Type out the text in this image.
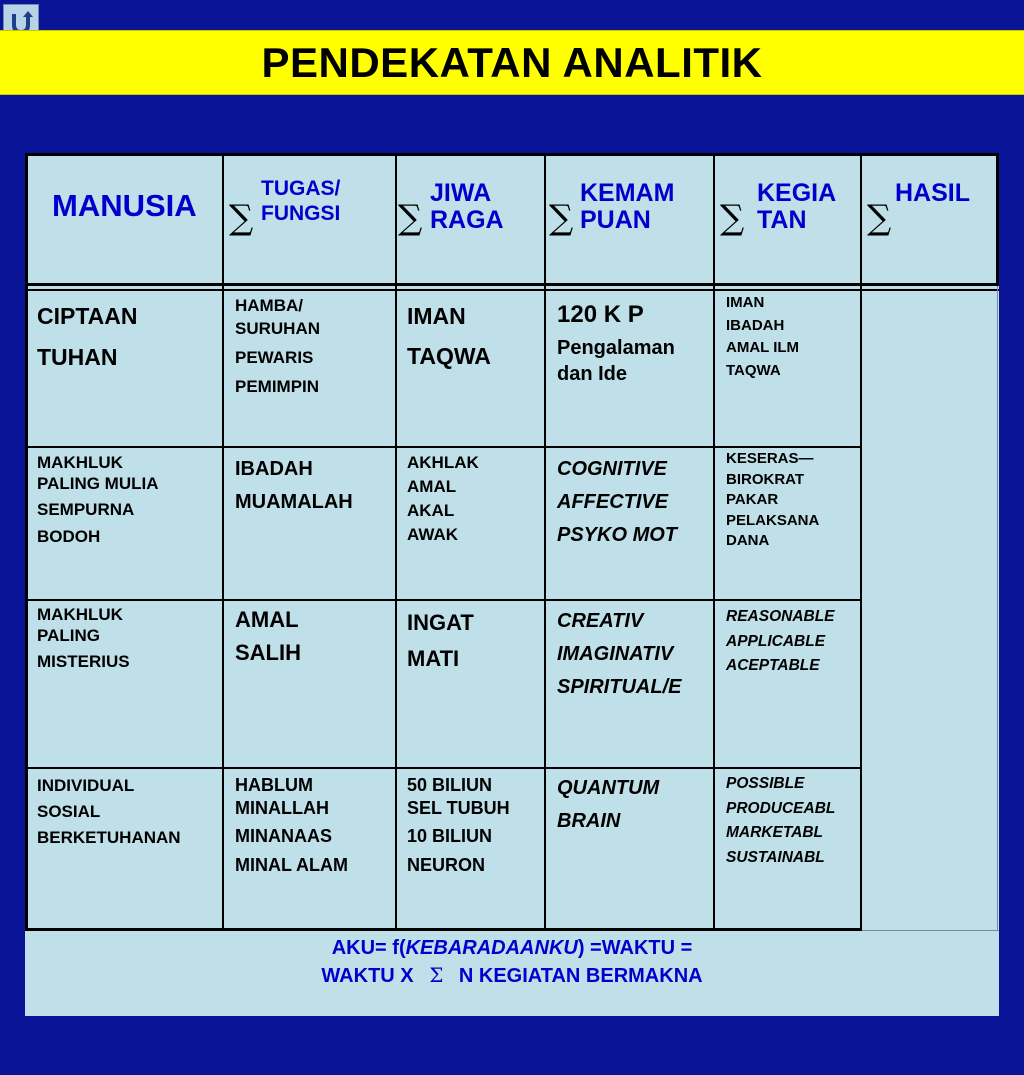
PENDEKATAN ANALITIK
MANUSIA ∑
TUGAS/
FUNGSI ∑
JIWA
RAGA ∑
KEMAM
PUAN	∑
KEGIA
TAN	∑
HASIL
CIPTAAN
TUHAN
HAMBA/
SURUHAN
PEWARIS
PEMIMPIN
IMAN
TAQWA
120 K P
Pengalaman
dan Ide
IMAN
IBADAH
AMAL ILM
TAQWA
MAKHLUK
PALING MULIA
SEMPURNA
BODOH
IBADAH
MUAMALAH
AKHLAK
AMAL
AKAL
AWAK
COGNITIVE
AFFECTIVE
PSYKO MOT
KESERAS—
BIROKRAT
PAKAR
PELAKSANA
DANA
MAKHLUK
PALING
MISTERIUS
AMAL
SALIH
INGAT
MATI
CREATIV
IMAGINATIV
SPIRITUAL/E
REASONABLE
APPLICABLE
ACEPTABLE
INDIVIDUAL
SOSIAL
BERKETUHANAN
HABLUM
MINALLAH
MINANAAS
MINAL ALAM
50 BILIUN
SEL TUBUH
10 BILIUN
NEURON
QUANTUM
BRAIN
POSSIBLE
PRODUCEABL
MARKETABL
SUSTAINABL
AKU= f(KEBARADAANKU) =WAKTU =
WAKTU X Σ N KEGIATAN BERMAKNA
